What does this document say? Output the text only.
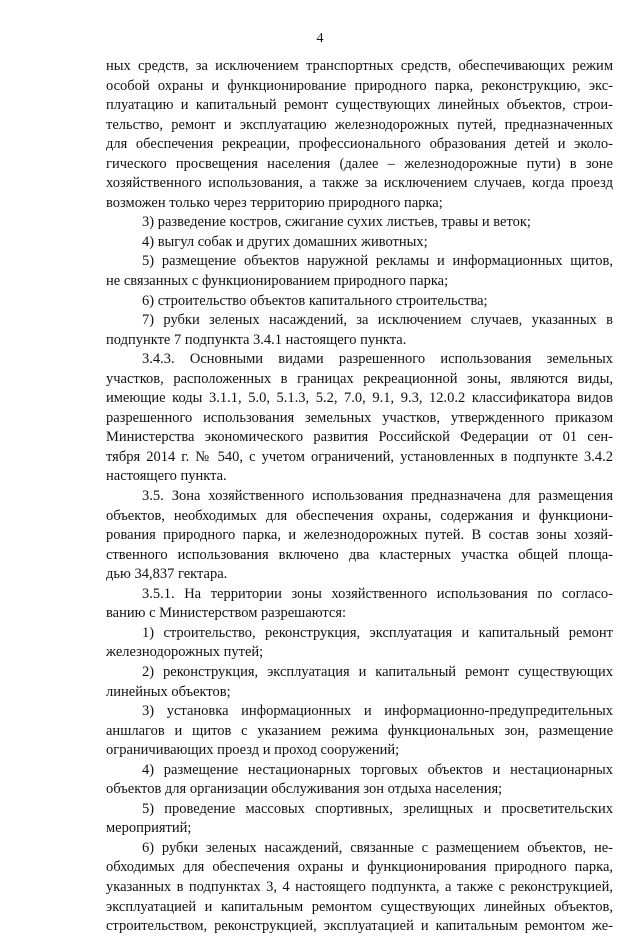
4
ных средств, за исключением транспортных средств, обеспечивающих режим
особой охраны и функционирование природного парка, реконструкцию, экс-
плуатацию и капитальный ремонт существующих линейных объектов, строи-
тельство, ремонт и эксплуатацию железнодорожных путей, предназначенных
для обеспечения рекреации, профессионального образования детей и эколо-
гического просвещения населения (далее – железнодорожные пути) в зоне
хозяйственного использования, а также за исключением случаев, когда проезд
возможен только через территорию природного парка;
3) разведение костров, сжигание сухих листьев, травы и веток;
4) выгул собак и других домашних животных;
5) размещение объектов наружной рекламы и информационных щитов,
не связанных с функционированием природного парка;
6) строительство объектов капитального строительства;
7) рубки зеленых насаждений, за исключением случаев, указанных в
подпункте 7 подпункта 3.4.1 настоящего пункта.
3.4.3. Основными видами разрешенного использования земельных
участков, расположенных в границах рекреационной зоны, являются виды,
имеющие коды 3.1.1, 5.0, 5.1.3, 5.2, 7.0, 9.1, 9.3, 12.0.2 классификатора видов
разрешенного использования земельных участков, утвержденного приказом
Министерства экономического развития Российской Федерации от 01 сен-
тября 2014 г. № 540, с учетом ограничений, установленных в подпункте 3.4.2
настоящего пункта.
3.5. Зона хозяйственного использования предназначена для размещения
объектов, необходимых для обеспечения охраны, содержания и функциони-
рования природного парка, и железнодорожных путей. В состав зоны хозяй-
ственного использования включено два кластерных участка общей площа-
дью 34,837 гектара.
3.5.1. На территории зоны хозяйственного использования по согласо-
ванию с Министерством разрешаются:
1) строительство, реконструкция, эксплуатация и капитальный ремонт
железнодорожных путей;
2) реконструкция, эксплуатация и капитальный ремонт существующих
линейных объектов;
3) установка информационных и информационно-предупредительных
аншлагов и щитов с указанием режима функциональных зон, размещение
ограничивающих проезд и проход сооружений;
4) размещение нестационарных торговых объектов и нестационарных
объектов для организации обслуживания зон отдыха населения;
5) проведение массовых спортивных, зрелищных и просветительских
мероприятий;
6) рубки зеленых насаждений, связанные с размещением объектов, не-
обходимых для обеспечения охраны и функционирования природного парка,
указанных в подпунктах 3, 4 настоящего подпункта, а также с реконструкцией,
эксплуатацией и капитальным ремонтом существующих линейных объектов,
строительством, реконструкцией, эксплуатацией и капитальным ремонтом же-
